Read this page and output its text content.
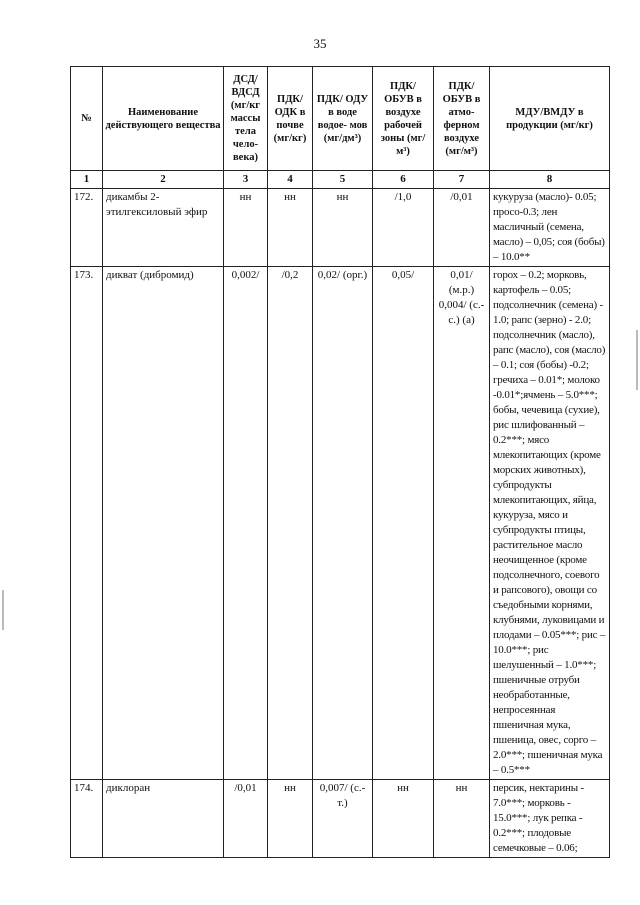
35
№	Наименование действующего вещества	ДСД/ ВДСД (мг/кг массы тела чело- века)	ПДК/ ОДК в почве (мг/кг)	ПДК/ ОДУ в воде водое- мов (мг/дм³)	ПДК/ ОБУВ в воздухе рабочей зоны (мг/м³)	ПДК/ ОБУВ в атмо- ферном воздухе (мг/м³)	МДУ/ВМДУ в продукции (мг/кг)
1	2	3	4	5	6	7	8
172.	дикамбы 2-этилгексиловый эфир	нн	нн	нн	/1,0	/0,01	кукуруза (масло)- 0.05; просо-0.3; лен масличный (семена, масло) – 0,05; соя (бобы) – 10.0**
173.	дикват (дибромид)	0,002/	/0,2	0,02/ (орг.)	0,05/	0,01/ (м.р.) 0,004/ (с.-с.) (а)	горох – 0.2; морковь, картофель – 0.05; подсолнечник (семена) - 1.0; рапс (зерно) - 2.0; подсолнечник (масло), рапс (масло), соя (масло) – 0.1; соя (бобы) -0.2; гречиха – 0.01*; молоко -0.01*;ячмень – 5.0***; бобы, чечевица (сухие), рис шлифованный – 0.2***; мясо млекопитающих (кроме морских животных), субпродукты млекопитающих, яйца, кукуруза, мясо и субпродукты птицы, растительное масло неочищенное (кроме подсолнечного, соевого и рапсового), овощи со съедобными корнями, клубнями, луковицами и плодами – 0.05***; рис – 10.0***; рис шелушенный – 1.0***; пшеничные отруби необработанные, непросеянная пшеничная мука, пшеница, овес, сорго – 2.0***; пшеничная мука – 0.5***
174.	диклоран	/0,01	нн	0,007/ (с.-т.)	нн	нн	персик, нектарины - 7.0***; морковь - 15.0***; лук репка - 0.2***; плодовые семечковые – 0.06;
